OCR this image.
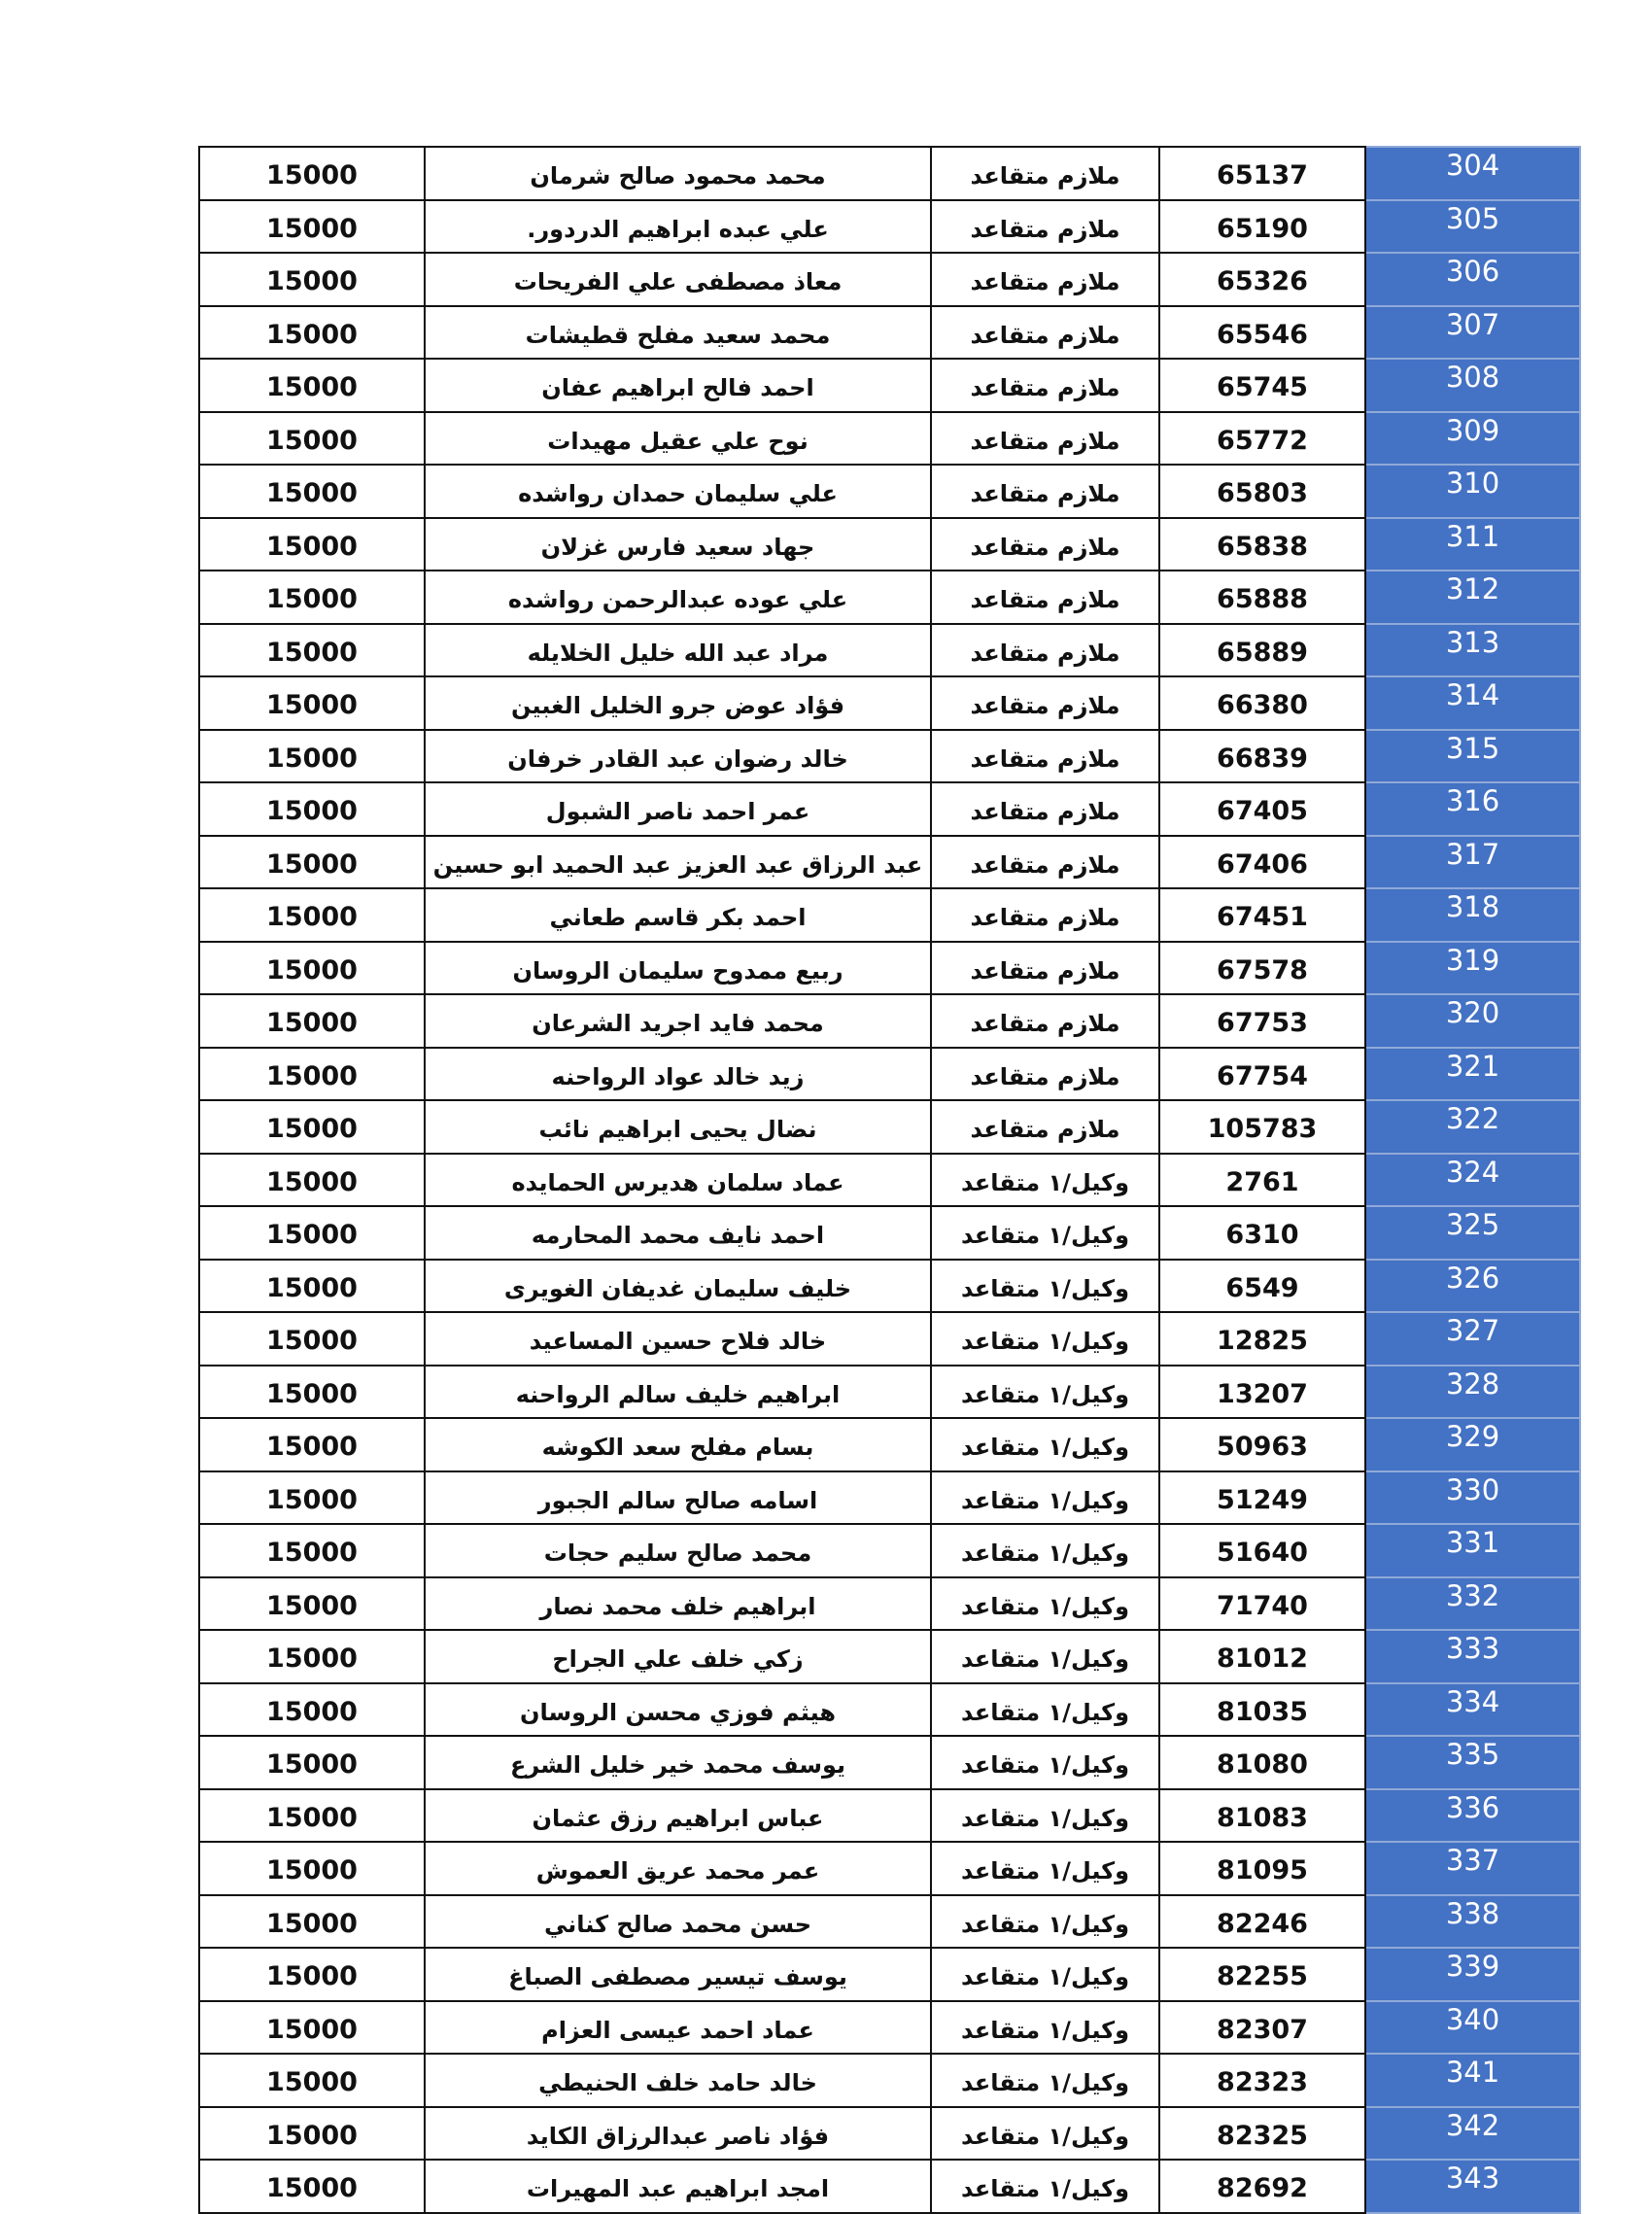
15000	محمد محمود صالح شرمان	ملازم متقاعد	65137	304
15000	علي عبده ابراهيم الدردور.	ملازم متقاعد	65190	305
15000	معاذ مصطفى علي الفريحات	ملازم متقاعد	65326	306
15000	محمد سعيد مفلح قطيشات	ملازم متقاعد	65546	307
15000	احمد فالح ابراهيم عفان	ملازم متقاعد	65745	308
15000	نوح علي عقيل مهيدات	ملازم متقاعد	65772	309
15000	علي سليمان حمدان رواشده	ملازم متقاعد	65803	310
15000	جهاد سعيد فارس غزلان	ملازم متقاعد	65838	311
15000	علي عوده عبدالرحمن رواشده	ملازم متقاعد	65888	312
15000	مراد عبد الله خليل الخلايله	ملازم متقاعد	65889	313
15000	فؤاد عوض جرو الخليل الغبين	ملازم متقاعد	66380	314
15000	خالد رضوان عبد القادر خرفان	ملازم متقاعد	66839	315
15000	عمر احمد ناصر الشبول	ملازم متقاعد	67405	316
15000	عبد الرزاق عبد العزيز عبد الحميد ابو حسين	ملازم متقاعد	67406	317
15000	احمد بكر قاسم طعاني	ملازم متقاعد	67451	318
15000	ربيع ممدوح سليمان الروسان	ملازم متقاعد	67578	319
15000	محمد فايد اجريد الشرعان	ملازم متقاعد	67753	320
15000	زيد خالد عواد الرواحنه	ملازم متقاعد	67754	321
15000	نضال يحيى ابراهيم نائب	ملازم متقاعد	105783	322
15000	عماد سلمان هديرس الحمايده	وكيل/١ متقاعد	2761	324
15000	احمد نايف محمد المحارمه	وكيل/١ متقاعد	6310	325
15000	خليف سليمان غديفان الغويرى	وكيل/١ متقاعد	6549	326
15000	خالد فلاح حسين المساعيد	وكيل/١ متقاعد	12825	327
15000	ابراهيم خليف سالم الرواحنه	وكيل/١ متقاعد	13207	328
15000	بسام مفلح سعد الكوشه	وكيل/١ متقاعد	50963	329
15000	اسامه صالح سالم الجبور	وكيل/١ متقاعد	51249	330
15000	محمد صالح سليم حجات	وكيل/١ متقاعد	51640	331
15000	ابراهيم خلف محمد نصار	وكيل/١ متقاعد	71740	332
15000	زكي خلف علي الجراح	وكيل/١ متقاعد	81012	333
15000	هيثم فوزي محسن الروسان	وكيل/١ متقاعد	81035	334
15000	يوسف محمد خير خليل الشرع	وكيل/١ متقاعد	81080	335
15000	عباس ابراهيم رزق عثمان	وكيل/١ متقاعد	81083	336
15000	عمر محمد عريق العموش	وكيل/١ متقاعد	81095	337
15000	حسن محمد صالح كناني	وكيل/١ متقاعد	82246	338
15000	يوسف تيسير مصطفى الصباغ	وكيل/١ متقاعد	82255	339
15000	عماد احمد عيسى العزام	وكيل/١ متقاعد	82307	340
15000	خالد حامد خلف الحنيطي	وكيل/١ متقاعد	82323	341
15000	فؤاد ناصر عبدالرزاق الكايد	وكيل/١ متقاعد	82325	342
15000	امجد ابراهيم عبد المهيرات	وكيل/١ متقاعد	82692	343
